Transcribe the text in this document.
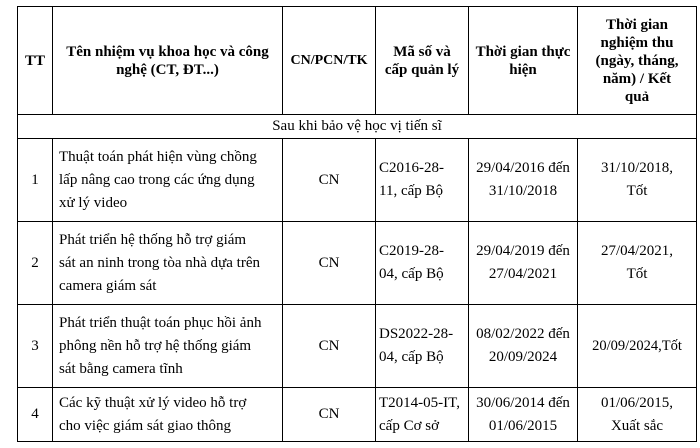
TT
Tên nhiệm vụ khoa học và công
nghệ (CT, ĐT...)
CN/PCN/TK
Mã số và
cấp quản lý
Thời gian thực
hiện
Thời gian
nghiệm thu
(ngày, tháng,
năm) / Kết
quả
Sau khi bảo vệ học vị tiến sĩ
1
Thuật toán phát hiện vùng chồng
lấp nâng cao trong các ứng dụng
xử lý video
CN
C2016-28-
11, cấp Bộ
29/04/2016 đến
31/10/2018
31/10/2018,
Tốt
2
Phát triển hệ thống hỗ trợ giám
sát an ninh trong tòa nhà dựa trên
camera giám sát
CN
C2019-28-
04, cấp Bộ
29/04/2019 đến
27/04/2021
27/04/2021,
Tốt
3
Phát triển thuật toán phục hồi ảnh
phông nền hỗ trợ hệ thống giám
sát bằng camera tĩnh
CN
DS2022-28-
04, cấp Bộ
08/02/2022 đến
20/09/2024
20/09/2024,Tốt
4
Các kỹ thuật xử lý video hỗ trợ
cho việc giám sát giao thông
CN
T2014-05-IT,
cấp Cơ sở
30/06/2014 đến
01/06/2015
01/06/2015,
Xuất sắc
